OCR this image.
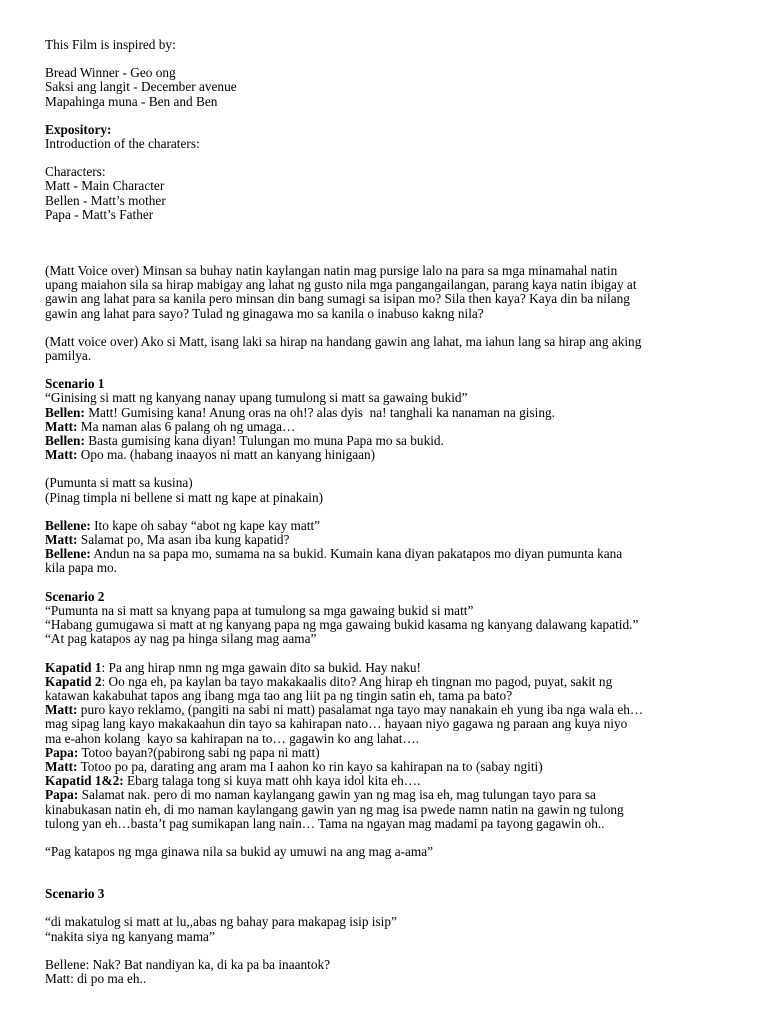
This Film is inspired by:

Bread Winner - Geo ong

Saksi ang langit - December avenue

Mapahinga muna - Ben and Ben

Expository:

Introduction of the charaters:

Characters:

Matt - Main Character

Bellen - Matt’s mother

Papa - Matt’s Father

(Matt Voice over) Minsan sa buhay natin kaylangan natin mag pursige lalo na para sa mga minamahal natin

upang maiahon sila sa hirap mabigay ang lahat ng gusto nila mga pangangailangan, parang kaya natin ibigay at

gawin ang lahat para sa kanila pero minsan din bang sumagi sa isipan mo? Sila then kaya? Kaya din ba nilang

gawin ang lahat para sayo? Tulad ng ginagawa mo sa kanila o inabuso kakng nila?

(Matt voice over) Ako si Matt, isang laki sa hirap na handang gawin ang lahat, ma iahun lang sa hirap ang aking

pamilya.

Scenario 1

“Ginising si matt ng kanyang nanay upang tumulong si matt sa gawaing bukid”

Bellen: Matt! Gumising kana! Anung oras na oh!? alas dyis  na! tanghali ka nanaman na gising.

Matt: Ma naman alas 6 palang oh ng umaga…

Bellen: Basta gumising kana diyan! Tulungan mo muna Papa mo sa bukid.

Matt: Opo ma. (habang inaayos ni matt an kanyang hinigaan)

(Pumunta si matt sa kusina)

(Pinag timpla ni bellene si matt ng kape at pinakain)

Bellene: Ito kape oh sabay “abot ng kape kay matt”

Matt: Salamat po, Ma asan iba kung kapatid?

Bellene: Andun na sa papa mo, sumama na sa bukid. Kumain kana diyan pakatapos mo diyan pumunta kana

kila papa mo.

Scenario 2

“Pumunta na si matt sa knyang papa at tumulong sa mga gawaing bukid si matt”

“Habang gumugawa si matt at ng kanyang papa ng mga gawaing bukid kasama ng kanyang dalawang kapatid.”

“At pag katapos ay nag pa hinga silang mag aama”

Kapatid 1: Pa ang hirap nmn ng mga gawain dito sa bukid. Hay naku!

Kapatid 2: Oo nga eh, pa kaylan ba tayo makakaalis dito? Ang hirap eh tingnan mo pagod, puyat, sakit ng

katawan kakabuhat tapos ang ibang mga tao ang liit pa ng tingin satin eh, tama pa bato?

Matt: puro kayo reklamo, (pangiti na sabi ni matt) pasalamat nga tayo may nanakain eh yung iba nga wala eh…

mag sipag lang kayo makakaahun din tayo sa kahirapan nato… hayaan niyo gagawa ng paraan ang kuya niyo

ma e-ahon kolang  kayo sa kahirapan na to… gagawin ko ang lahat….

Papa: Totoo bayan?(pabirong sabi ng papa ni matt)

Matt: Totoo po pa, darating ang aram ma I aahon ko rin kayo sa kahirapan na to (sabay ngiti)

Kapatid 1&2: Ebarg talaga tong si kuya matt ohh kaya idol kita eh….

Papa: Salamat nak. pero di mo naman kaylangang gawin yan ng mag isa eh, mag tulungan tayo para sa

kinabukasan natin eh, di mo naman kaylangang gawin yan ng mag isa pwede namn natin na gawin ng tulong

tulong yan eh…basta’t pag sumikapan lang nain… Tama na ngayan mag madami pa tayong gagawin oh..

“Pag katapos ng mga ginawa nila sa bukid ay umuwi na ang mag a-ama”

Scenario 3

“di makatulog si matt at lu,,abas ng bahay para makapag isip isip”

“nakita siya ng kanyang mama”

Bellene: Nak? Bat nandiyan ka, di ka pa ba inaantok?

Matt: di po ma eh..
